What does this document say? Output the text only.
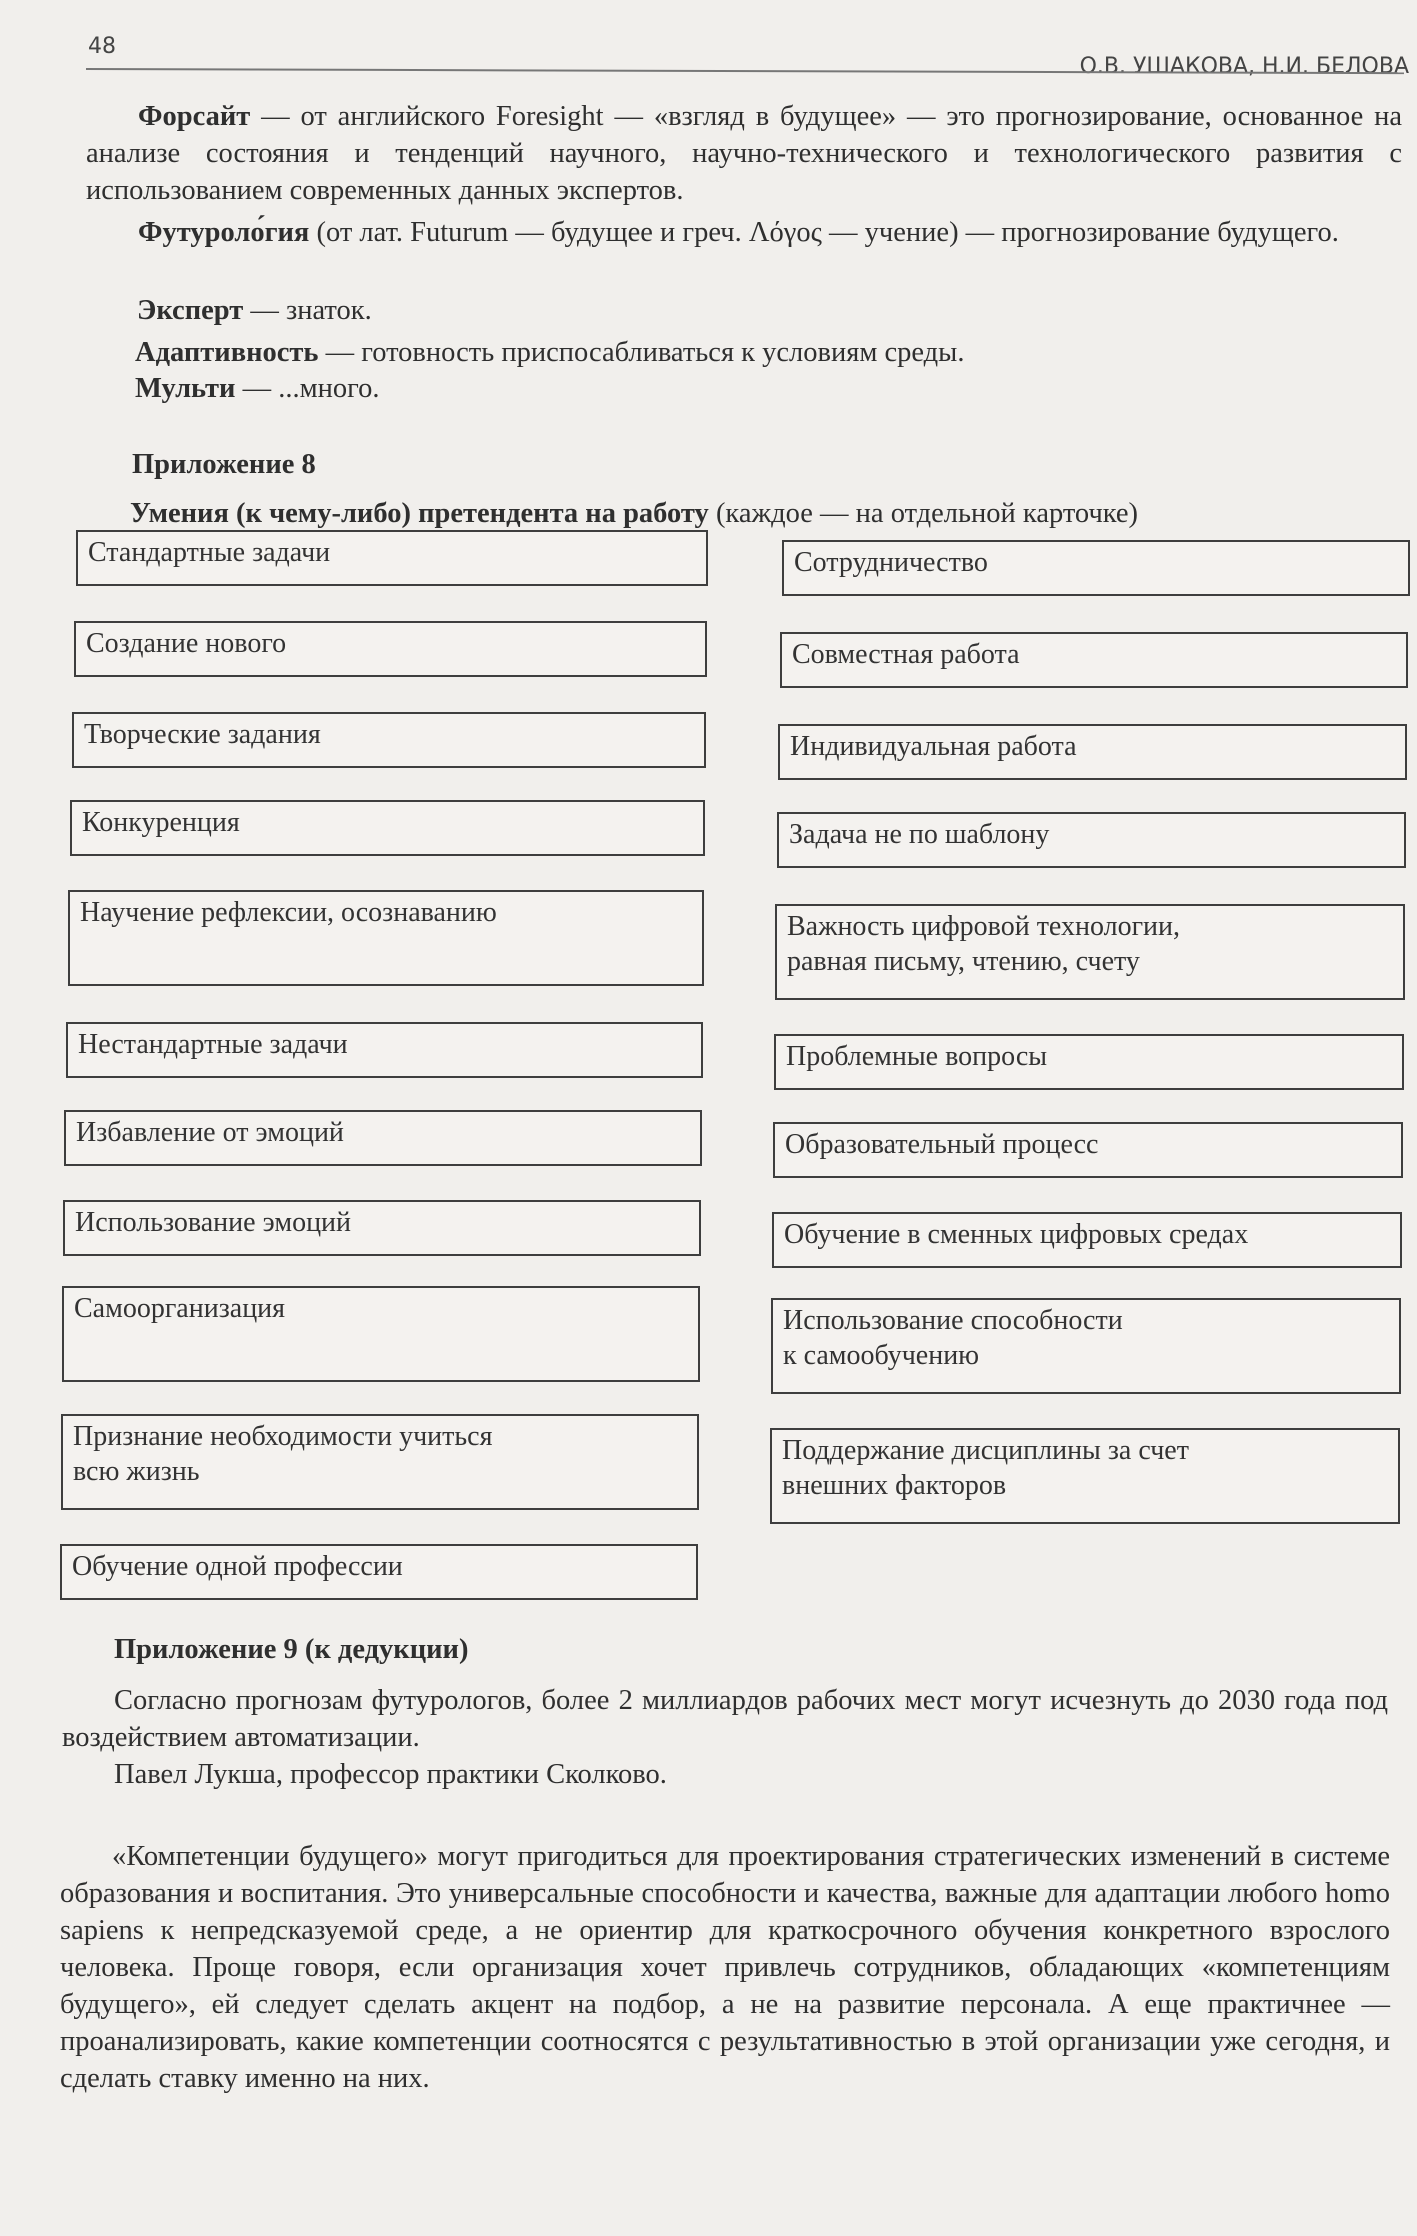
48
О.В. УШАКОВА, Н.И. БЕЛОВА

Форсайт — от английского Foresight — «взгляд в будущее» — это прогнозирование, основанное на анализе состояния и тенденций научного, научно-технического и технологического развития с использованием современных данных экспертов.

Футуроло́гия (от лат. Futurum — будущее и греч. Λόγος — учение) — прогнозирование будущего.

Эксперт — знаток.

Адаптивность — готовность приспосабливаться к условиям среды.

Мульти — ...много.

Приложение 8

Умения (к чему-либо) претендента на работу (каждое — на отдельной карточке)

Стандартные задачи
Создание нового
Творческие задания
Конкуренция
Научение рефлексии, осознаванию
Нестандартные задачи
Избавление от эмоций
Использование эмоций
Самоорганизация
Признание необходимости учиться
всю жизнь
Обучение одной профессии
Сотрудничество
Совместная работа
Индивидуальная работа
Задача не по шаблону
Важность цифровой технологии,
равная письму, чтению, счету
Проблемные вопросы
Образовательный процесс
Обучение в сменных цифровых средах
Использование способности
к самообучению
Поддержание дисциплины за счет
внешних факторов

Приложение 9 (к дедукции)

Согласно прогнозам футурологов, более 2 миллиардов рабочих мест могут исчезнуть до 2030 года под воздействием автоматизации.

Павел Лукша, профессор практики Сколково.

«Компетенции будущего» могут пригодиться для проектирования стратегических изменений в системе образования и воспитания. Это универсальные способности и качества, важные для адаптации любого homo sapiens к непредсказуемой среде, а не ориентир для краткосрочного обучения конкретного взрослого человека. Проще говоря, если организация хочет привлечь сотрудников, обладающих «компетенциям будущего», ей следует сделать акцент на подбор, а не на развитие персонала. А еще практичнее — проанализировать, какие компетенции соотносятся с результативностью в этой организации уже сегодня, и сделать ставку именно на них.
